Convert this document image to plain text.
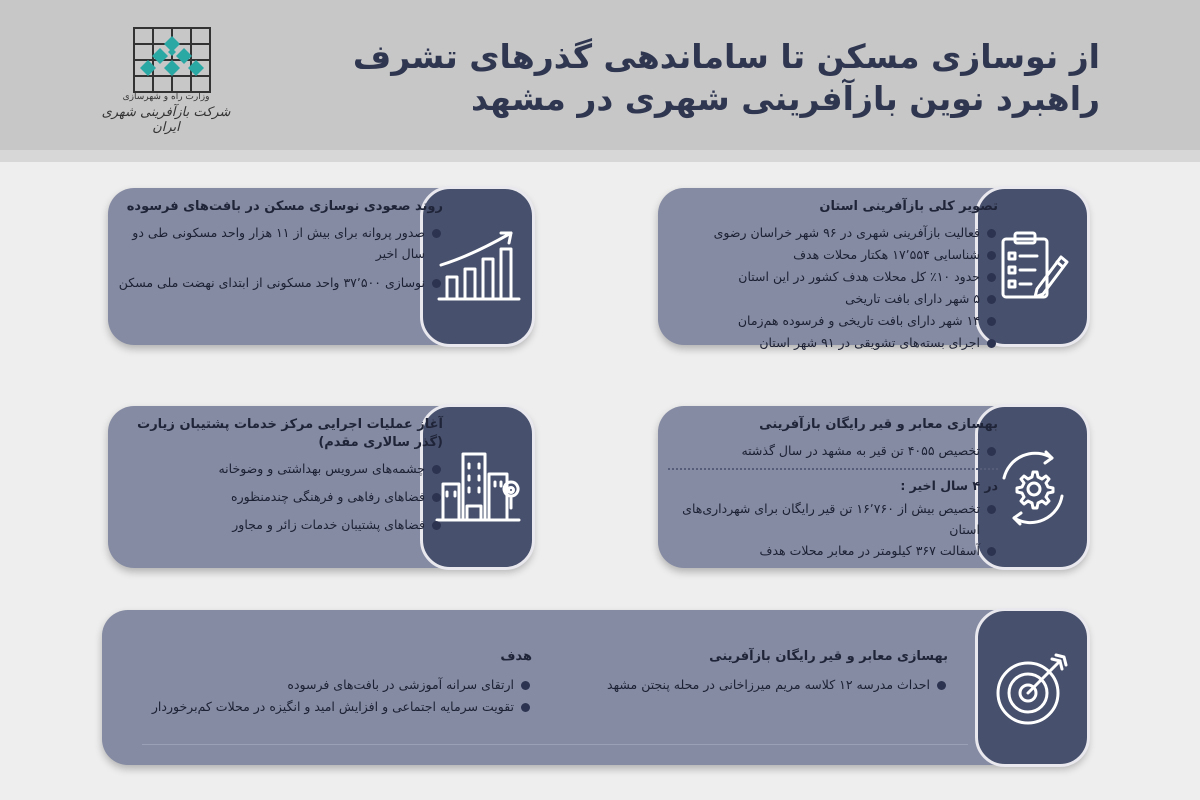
از نوسازی مسکن تا ساماندهی گذرهای تشرف
راهبرد نوین بازآفرینی شهری در مشهد
وزارت راه و شهرسازی
شرکت بازآفرینی شهری ایران
تصویر کلی بازآفرینی استان
فعالیت بازآفرینی شهری در ۹۶ شهر خراسان رضوی
شناسایی ۱۷٬۵۵۴ هکتار محلات هدف
حدود ۱۰٪ کل محلات هدف کشور در این استان
۵ شهر دارای بافت تاریخی
۱۴ شهر دارای بافت تاریخی و فرسوده هم‌زمان
اجرای بسته‌های تشویقی در ۹۱ شهر استان
روند صعودی نوسازی مسکن در بافت‌های فرسوده
صدور پروانه برای بیش از ۱۱ هزار واحد مسکونی طی دو سال اخیر
نوسازی ۳۷٬۵۰۰ واحد مسکونی از ابتدای نهضت ملی مسکن
بهسازی معابر و قیر رایگان بازآفرینی
تخصیص ۴۰۵۵ تن قیر به مشهد در سال گذشته
در ۴ سال اخیر :
تخصیص بیش از ۱۶٬۷۶۰ تن قیر رایگان برای شهرداری‌های استان
آسفالت ۳۶۷ کیلومتر در معابر محلات هدف
آغاز عملیات اجرایی مرکز خدمات پشتیبان زیارت (گذر سالاری مقدم)
چشمه‌های سرویس بهداشتی و وضوخانه
فضاهای رفاهی و فرهنگی چندمنظوره
فضاهای پشتیبان خدمات زائر و مجاور
بهسازی معابر و قیر رایگان بازآفرینی
احداث مدرسه ۱۲ کلاسه مریم میرزاخانی در محله پنجتن مشهد
هدف
ارتقای سرانه آموزشی در بافت‌های فرسوده
تقویت سرمایه اجتماعی و افزایش امید و انگیزه در محلات کم‌برخوردار
